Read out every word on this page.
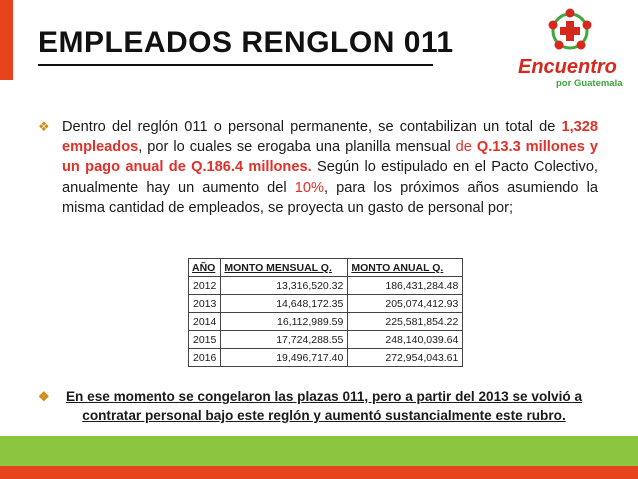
EMPLEADOS RENGLON 011
Encuentro
por Guatemala
❖ Dentro del reglón 011 o personal permanente, se contabilizan un total de 1,328 empleados, por lo cuales se erogaba una planilla mensual de Q.13.3 millones y un pago anual de Q.186.4 millones. Según lo estipulado en el Pacto Colectivo, anualmente hay un aumento del 10%, para los próximos años asumiendo la misma cantidad de empleados, se proyecta un gasto de personal por;
AÑO	MONTO MENSUAL Q.	MONTO ANUAL Q.
2012	13,316,520.32	186,431,284.48
2013	14,648,172.35	205,074,412.93
2014	16,112,989.59	225,581,854.22
2015	17,724,288.55	248,140,039.64
2016	19,496,717.40	272,954,043.61
❖ En ese momento se congelaron las plazas 011, pero a partir del 2013 se volvió a contratar personal bajo este reglón y aumentó sustancialmente este rubro.
